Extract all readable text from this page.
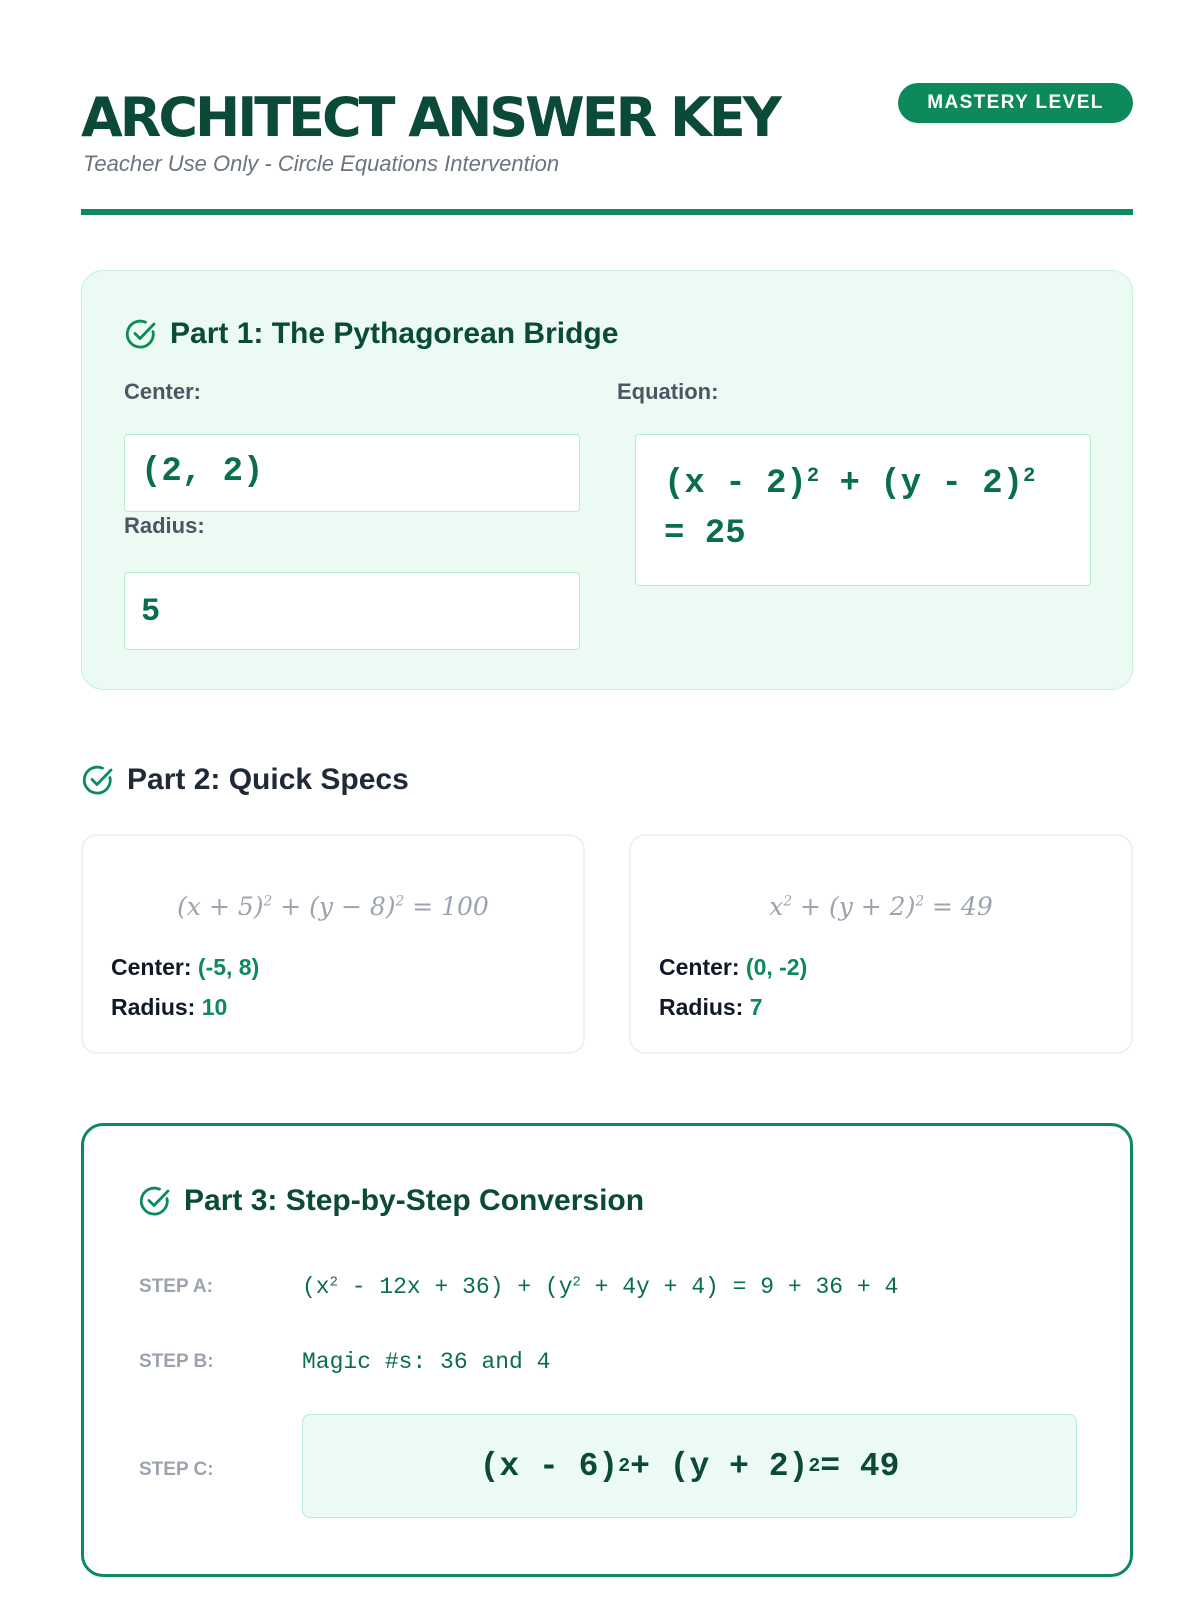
ARCHITECT ANSWER KEY
Teacher Use Only - Circle Equations Intervention
MASTERY LEVEL
Part 1: The Pythagorean Bridge
Center:
(2, 2)
Radius:
5
Equation:
(x - 2)$^2$ + (y - 2)$^2$ = 25
Part 2: Quick Specs
$(x + 5)^2 + (y - 8)^2 = 100$
Center: (-5, 8)
Radius: 10
$x^2 + (y + 2)^2 = 49$
Center: (0, -2)
Radius: 7
Part 3: Step-by-Step Conversion
STEP A:	$(x^2 - 12x + 36) + (y^2 + 4y + 4) = 9 + 36 + 4$
STEP B:	Magic #s: 36 and 4
STEP C:	(x - 6) 2 + (y + 2) 2 = 49
